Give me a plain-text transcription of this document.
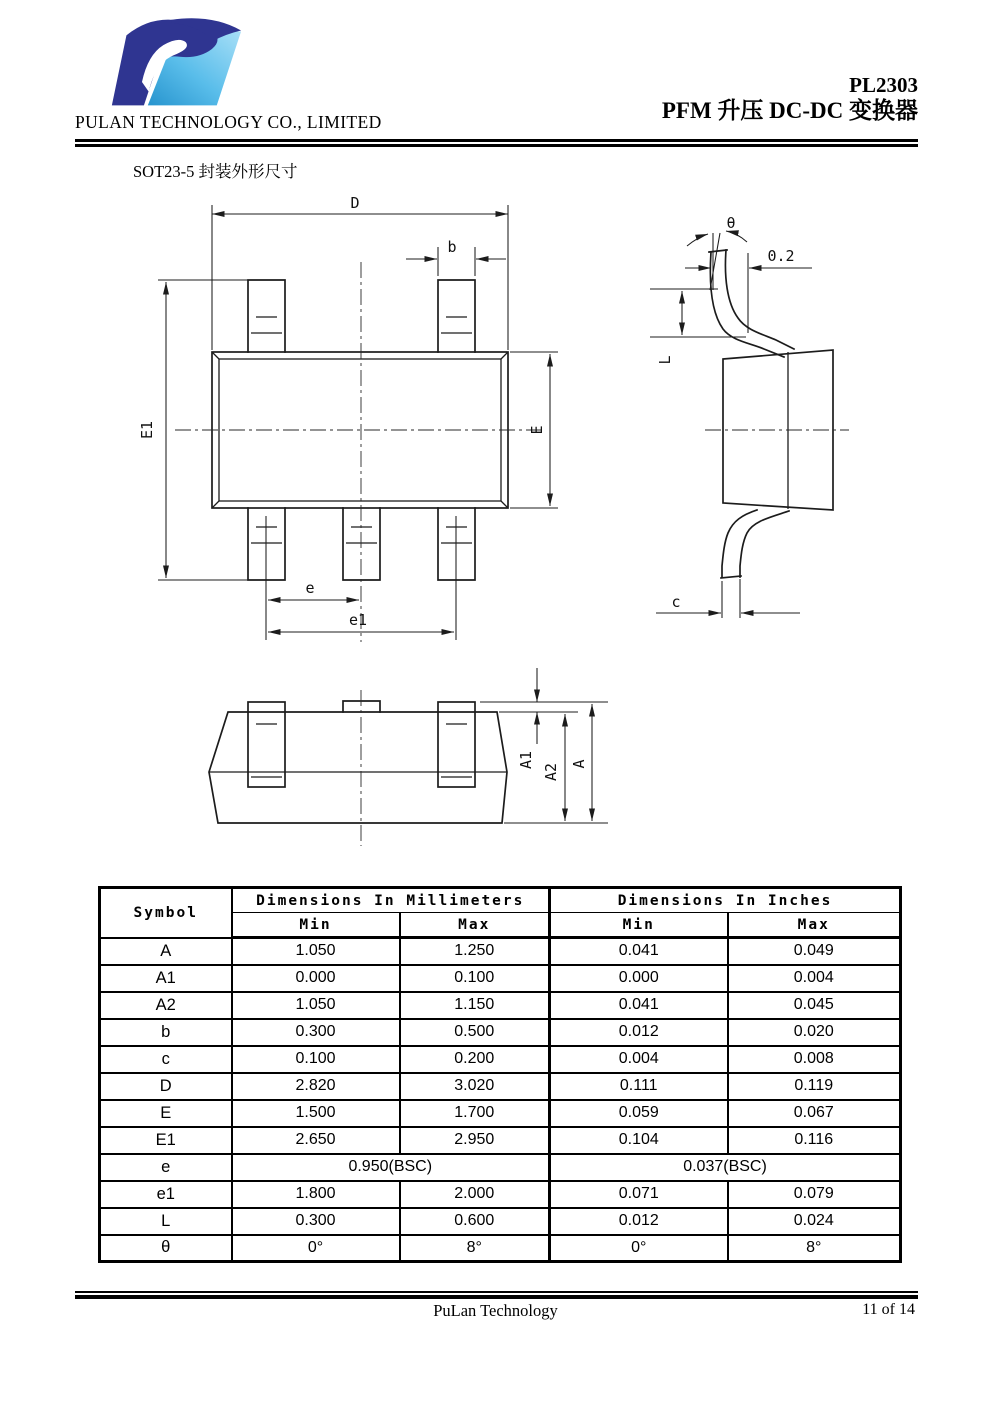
PULAN TECHNOLOGY CO., LIMITED
PL2303
PFM 升压 DC-DC 变换器
SOT23-5 封装外形尺寸
D
b
E1	E
e
e1
θ
0.2
L
c
A1
A2 A
Symbol	Dimensions In Millimeters		Dimensions In Inches	
	Min	Max	Min	Max
A	1.050	1.250	0.041	0.049
A1	0.000	0.100	0.000	0.004
A2	1.050	1.150	0.041	0.045
b	0.300	0.500	0.012	0.020
c	0.100	0.200	0.004	0.008
D	2.820	3.020	0.111	0.119
E	1.500	1.700	0.059	0.067
E1	2.650	2.950	0.104	0.116
e	0.950(BSC)		0.037(BSC)	
e1	1.800	2.000	0.071	0.079
L	0.300	0.600	0.012	0.024
θ	0°	8°	0°	8°
PuLan Technology	11 of 14
